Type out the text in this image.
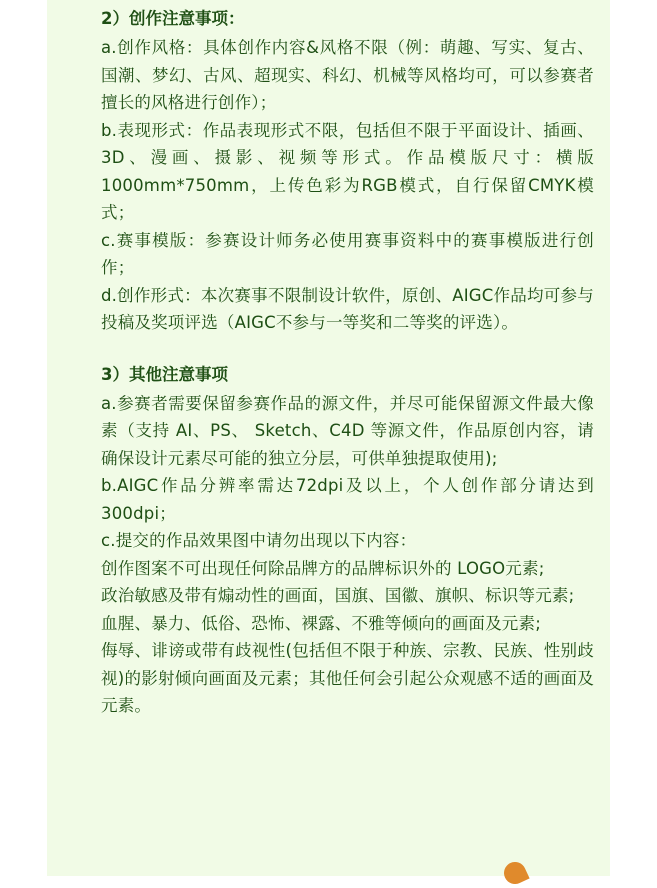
2）创作注意事项：

a.创作风格：具体创作内容&风格不限（例：萌趣、写实、复古、国潮、梦幻、古风、超现实、科幻、机械等风格均可，可以参赛者擅长的风格进行创作）；

b.表现形式：作品表现形式不限，包括但不限于平面设计、插画、3D、漫画、摄影、视频等形式。作品模版尺寸：横版1000mm*750mm，上传色彩为RGB模式，自行保留CMYK模式；

c.赛事模版：参赛设计师务必使用赛事资料中的赛事模版进行创作；

d.创作形式：本次赛事不限制设计软件，原创、AIGC作品均可参与投稿及奖项评选（AIGC不参与一等奖和二等奖的评选）。

3）其他注意事项

a.参赛者需要保留参赛作品的源文件，并尽可能保留源文件最大像素（支持 AI、PS、 Sketch、C4D 等源文件，作品原创内容，请确保设计元素尽可能的独立分层，可供单独提取使用);

b.AIGC作品分辨率需达72dpi及以上，个人创作部分请达到300dpi；

c.提交的作品效果图中请勿出现以下内容：

创作图案不可出现任何除品牌方的品牌标识外的 LOGO元素;

政治敏感及带有煽动性的画面，国旗、国徽、旗帜、标识等元素;

血腥、暴力、低俗、恐怖、裸露、不雅等倾向的画面及元素;

侮辱、诽谤或带有歧视性(包括但不限于种族、宗教、民族、性别歧视)的影射倾向画面及元素；其他任何会引起公众观感不适的画面及元素。
